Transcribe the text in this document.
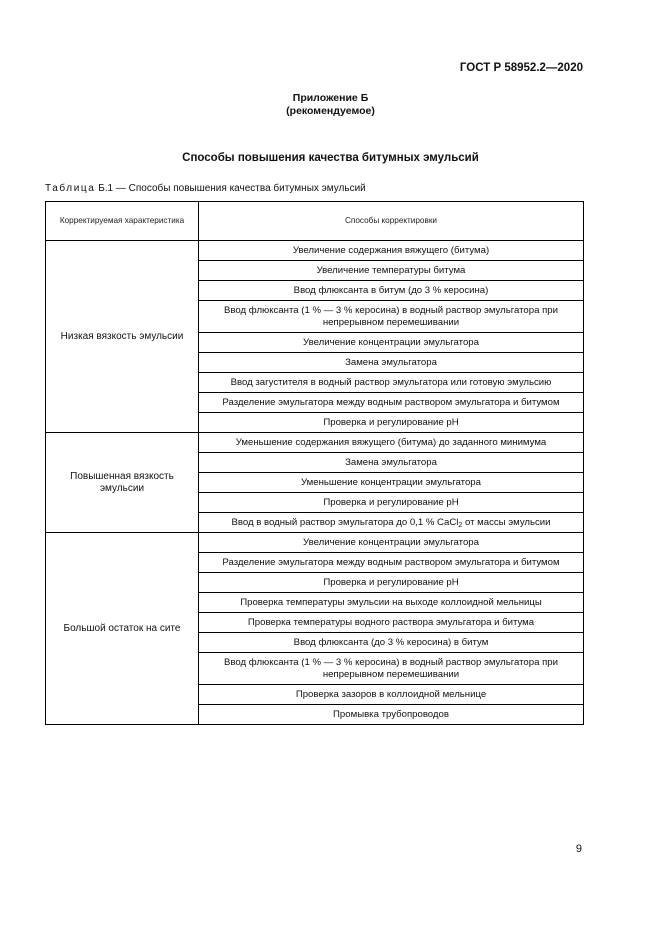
ГОСТ Р 58952.2—2020
Приложение Б
(рекомендуемое)
Способы повышения качества битумных эмульсий
Таблица Б.1 — Способы повышения качества битумных эмульсий
Корректируемая характеристика	Способы корректировки
Низкая вязкость эмульсии	Увеличение содержания вяжущего (битума)
	Увеличение температуры битума
	Ввод флюксанта в битум (до 3 % керосина)
	Ввод флюксанта (1 % — 3 % керосина) в водный раствор эмульгатора при непрерывном перемешивании
	Увеличение концентрации эмульгатора
	Замена эмульгатора
	Ввод загустителя в водный раствор эмульгатора или готовую эмульсию
	Разделение эмульгатора между водным раствором эмульгатора и битумом
	Проверка и регулирование рН
Повышенная вязкость эмульсии	Уменьшение содержания вяжущего (битума) до заданного минимума
	Замена эмульгатора
	Уменьшение концентрации эмульгатора
	Проверка и регулирование рН
	Ввод в водный раствор эмульгатора до 0,1 % CaCl$_2$ от массы эмульсии
Большой остаток на сите	Увеличение концентрации эмульгатора
	Разделение эмульгатора между водным раствором эмульгатора и битумом
	Проверка и регулирование рН
	Проверка температуры эмульсии на выходе коллоидной мельницы
	Проверка температуры водного раствора эмульгатора и битума
	Ввод флюксанта (до 3 % керосина) в битум
	Ввод флюксанта (1 % — 3 % керосина) в водный раствор эмульгатора при непрерывном перемешивании
	Проверка зазоров в коллоидной мельнице
	Промывка трубопроводов
9
